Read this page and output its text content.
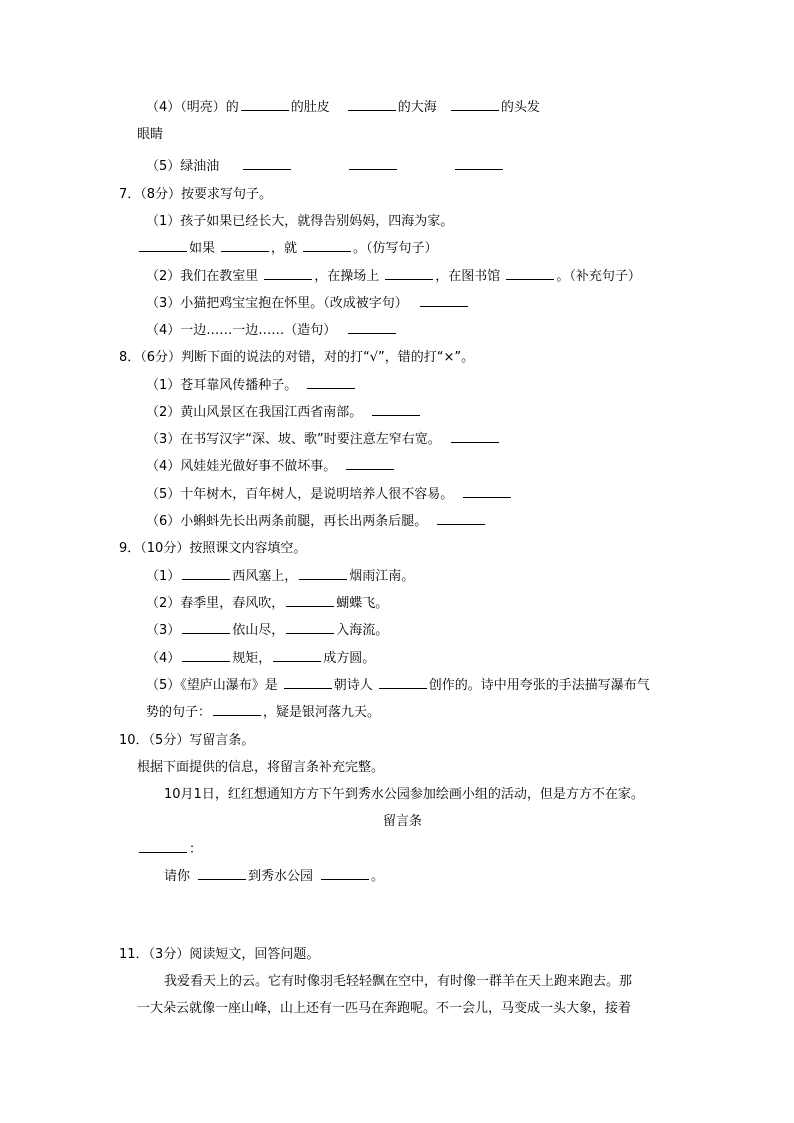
（4）（明亮）的	的肚皮	的大海	的头发
眼睛
（5）绿油油
7．（8分）按要求写句子。
（1）孩子如果已经长大，就得告别妈妈，四海为家。
如果	，就	。（仿写句子）
（2）我们在教室里	，在操场上	，在图书馆	。（补充句子）
（3）小猫把鸡宝宝抱在怀里。（改成被字句）
（4）一边……一边……（造句）
8．（6分）判断下面的说法的对错，对的打“√”，错的打“×”。
（1）苍耳靠风传播种子。
（2）黄山风景区在我国江西省南部。
（3）在书写汉字“深、坡、歌”时要注意左窄右宽。
（4）风娃娃光做好事不做坏事。
（5）十年树木，百年树人，是说明培养人很不容易。
（6）小蝌蚪先长出两条前腿，再长出两条后腿。
9．（10分）按照课文内容填空。
（1）	西风塞上，	烟雨江南。
（2）春季里，春风吹，	蝴蝶飞。
（3）	依山尽，	入海流。
（4）	规矩，	成方圆。
（5）《望庐山瀑布》是	朝诗人	创作的。诗中用夸张的手法描写瀑布气
势的句子：	，疑是银河落九天。
10．（5分）写留言条。
根据下面提供的信息，将留言条补充完整。
10月1日，红红想通知方方下午到秀水公园参加绘画小组的活动，但是方方不在家。
留言条
：
请你	到秀水公园	。
11．（3分）阅读短文，回答问题。
我爱看天上的云。它有时像羽毛轻轻飘在空中，有时像一群羊在天上跑来跑去。那
一大朵云就像一座山峰，山上还有一匹马在奔跑呢。不一会儿，马变成一头大象，接着
